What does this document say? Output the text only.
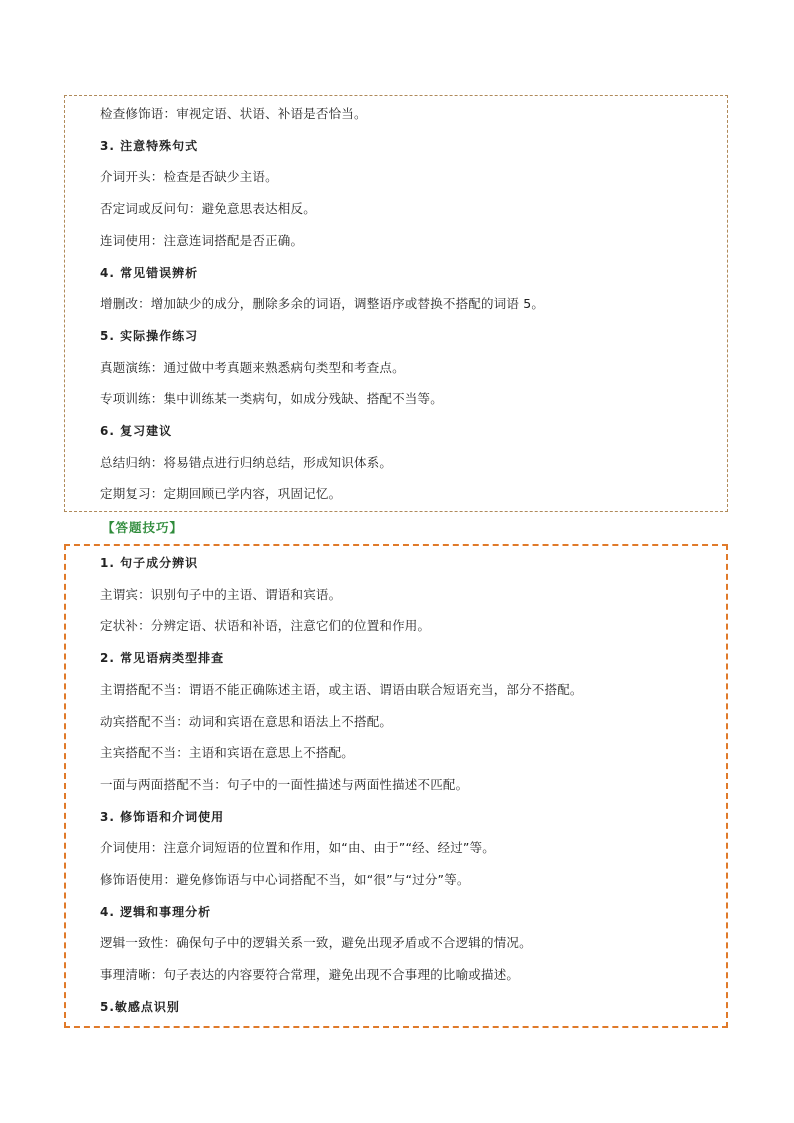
【答题技巧】
检查修饰语：审视定语、状语、补语是否恰当。
3. 注意特殊句式
介词开头：检查是否缺少主语。
否定词或反问句：避免意思表达相反。
连词使用：注意连词搭配是否正确。
4. 常见错误辨析
增删改：增加缺少的成分，删除多余的词语，调整语序或替换不搭配的词语 5。
5. 实际操作练习
真题演练：通过做中考真题来熟悉病句类型和考查点。
专项训练：集中训练某一类病句，如成分残缺、搭配不当等。
6. 复习建议
总结归纳：将易错点进行归纳总结，形成知识体系。
定期复习：定期回顾已学内容，巩固记忆。
1. 句子成分辨识
主谓宾：识别句子中的主语、谓语和宾语。
定状补：分辨定语、状语和补语，注意它们的位置和作用。
2. 常见语病类型排查
主谓搭配不当：谓语不能正确陈述主语，或主语、谓语由联合短语充当，部分不搭配。
动宾搭配不当：动词和宾语在意思和语法上不搭配。
主宾搭配不当：主语和宾语在意思上不搭配。
一面与两面搭配不当：句子中的一面性描述与两面性描述不匹配。
3. 修饰语和介词使用
介词使用：注意介词短语的位置和作用，如“由、由于”“经、经过”等。
修饰语使用：避免修饰语与中心词搭配不当，如“很”与“过分”等。
4. 逻辑和事理分析
逻辑一致性：确保句子中的逻辑关系一致，避免出现矛盾或不合逻辑的情况。
事理清晰：句子表达的内容要符合常理，避免出现不合事理的比喻或描述。
5.敏感点识别
